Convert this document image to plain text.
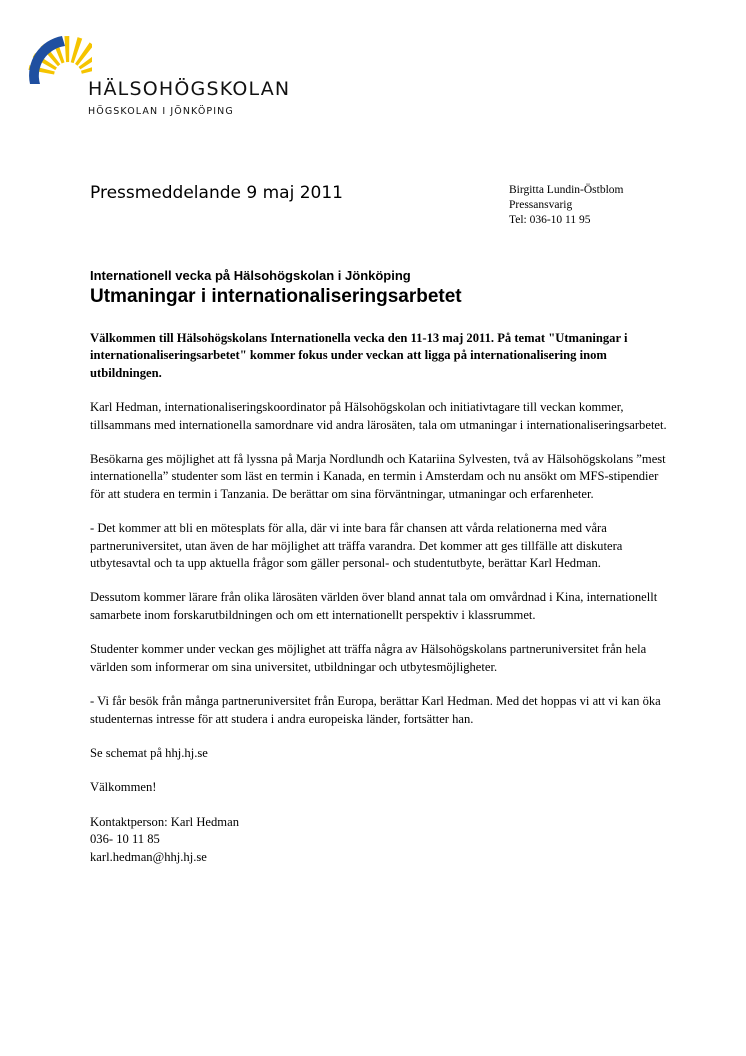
HÄLSOHÖGSKOLAN
HÖGSKOLAN I JÖNKÖPING
Pressmeddelande 9 maj 2011	Birgitta Lundin-Östblom
Pressansvarig
Tel: 036-10 11 95
Internationell vecka på Hälsohögskolan i Jönköping
Utmaningar i internationaliseringsarbetet

Välkommen till Hälsohögskolans Internationella vecka den 11-13 maj 2011. På temat "Utmaningar i internationaliseringsarbetet" kommer fokus under veckan att ligga på internationalisering inom utbildningen.

Karl Hedman, internationaliseringskoordinator på Hälsohögskolan och initiativtagare till veckan kommer, tillsammans med internationella samordnare vid andra lärosäten, tala om utmaningar i internationaliseringsarbetet.

Besökarna ges möjlighet att få lyssna på Marja Nordlundh och Katariina Sylvesten, två av Hälsohögskolans ”mest internationella” studenter som läst en termin i Kanada, en termin i Amsterdam och nu ansökt om MFS-stipendier för att studera en termin i Tanzania. De berättar om sina förväntningar, utmaningar och erfarenheter.

- Det kommer att bli en mötesplats för alla, där vi inte bara får chansen att vårda relationerna med våra partneruniversitet, utan även de har möjlighet att träffa varandra. Det kommer att ges tillfälle att diskutera utbytesavtal och ta upp aktuella frågor som gäller personal- och studentutbyte, berättar Karl Hedman.

Dessutom kommer lärare från olika lärosäten världen över bland annat tala om omvårdnad i Kina, internationellt samarbete inom forskarutbildningen och om ett internationellt perspektiv i klassrummet.

Studenter kommer under veckan ges möjlighet att träffa några av Hälsohögskolans partneruniversitet från hela världen som informerar om sina universitet, utbildningar och utbytesmöjligheter.

- Vi får besök från många partneruniversitet från Europa, berättar Karl Hedman. Med det hoppas vi att vi kan öka studenternas intresse för att studera i andra europeiska länder, fortsätter han.

Se schemat på hhj.hj.se

Välkommen!

Kontaktperson: Karl Hedman

036- 10 11 85

karl.hedman@hhj.hj.se
